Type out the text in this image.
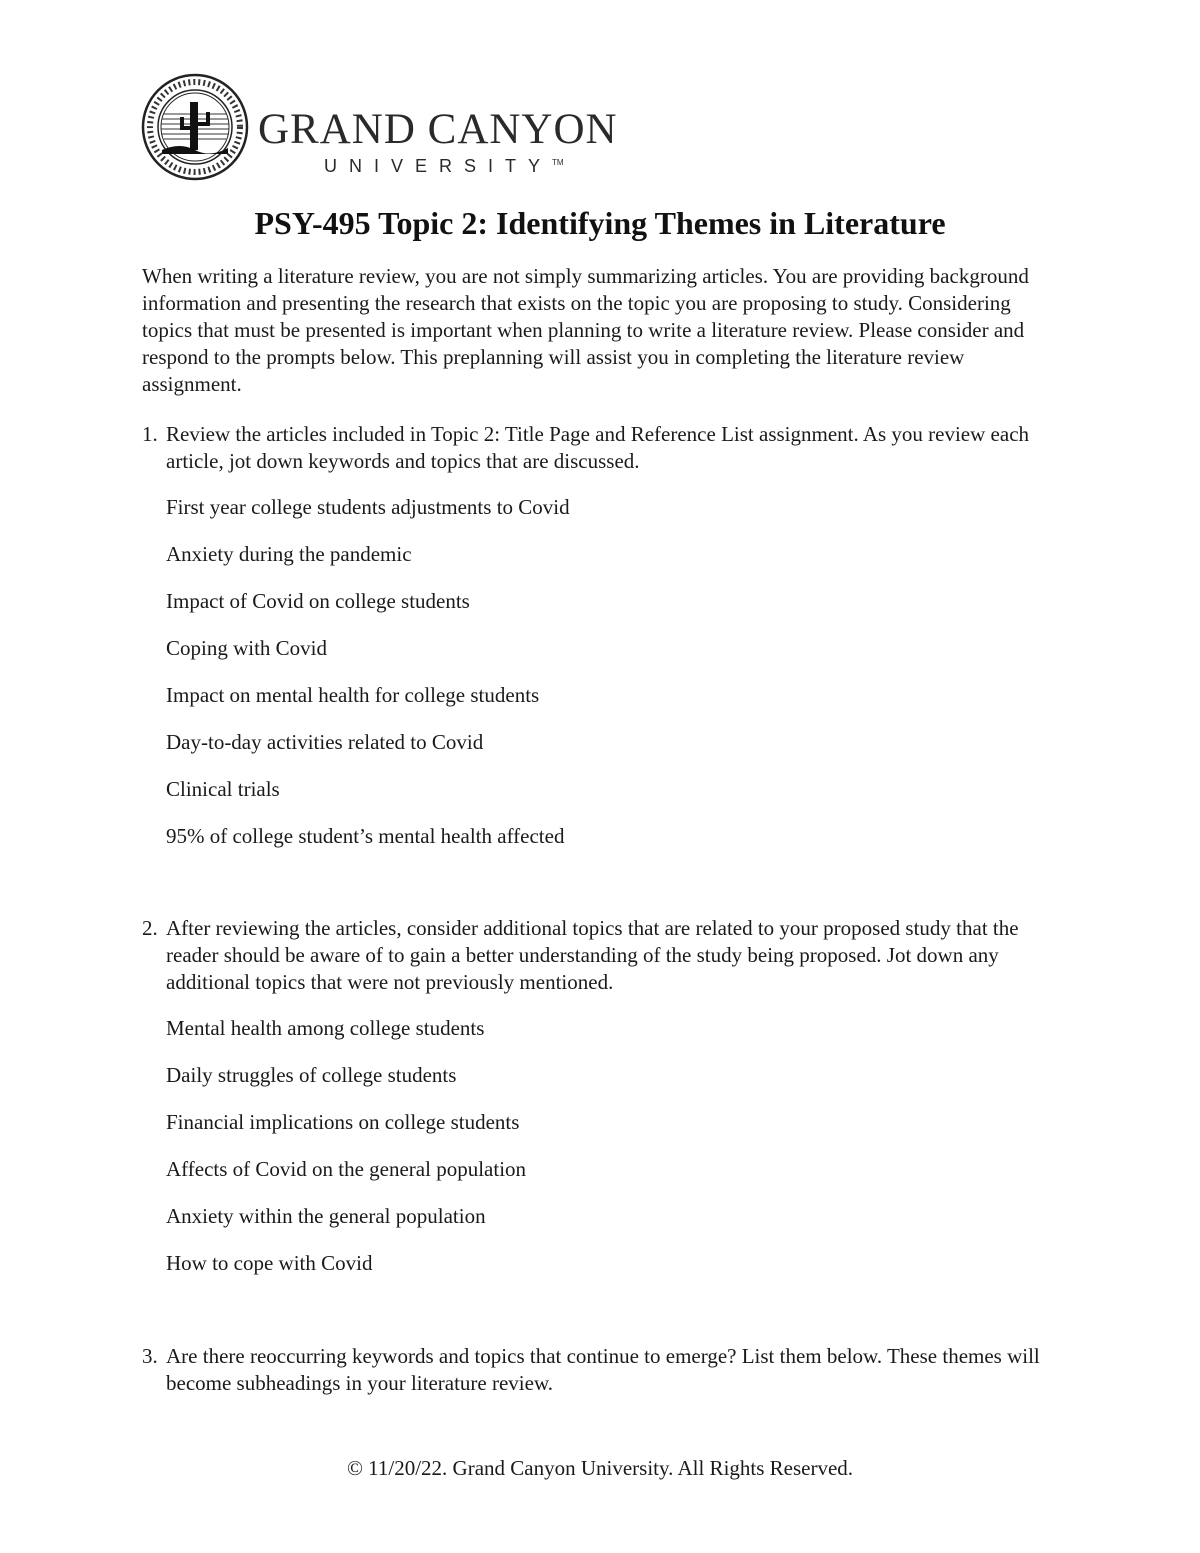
GRAND CANYON
UNIVERSITY™
PSY-495 Topic 2: Identifying Themes in Literature
When writing a literature review, you are not simply summarizing articles. You are providing background information and presenting the research that exists on the topic you are proposing to study. Considering topics that must be presented is important when planning to write a literature review. Please consider and respond to the prompts below. This preplanning will assist you in completing the literature review assignment.
1. Review the articles included in Topic 2: Title Page and Reference List assignment. As you review each article, jot down keywords and topics that are discussed.
First year college students adjustments to Covid
Anxiety during the pandemic
Impact of Covid on college students
Coping with Covid
Impact on mental health for college students
Day-to-day activities related to Covid
Clinical trials
95% of college student’s mental health affected
2. After reviewing the articles, consider additional topics that are related to your proposed study that the reader should be aware of to gain a better understanding of the study being proposed. Jot down any additional topics that were not previously mentioned.
Mental health among college students
Daily struggles of college students
Financial implications on college students
Affects of Covid on the general population
Anxiety within the general population
How to cope with Covid
3. Are there reoccurring keywords and topics that continue to emerge? List them below. These themes will become subheadings in your literature review.
© 11/20/22. Grand Canyon University. All Rights Reserved.
